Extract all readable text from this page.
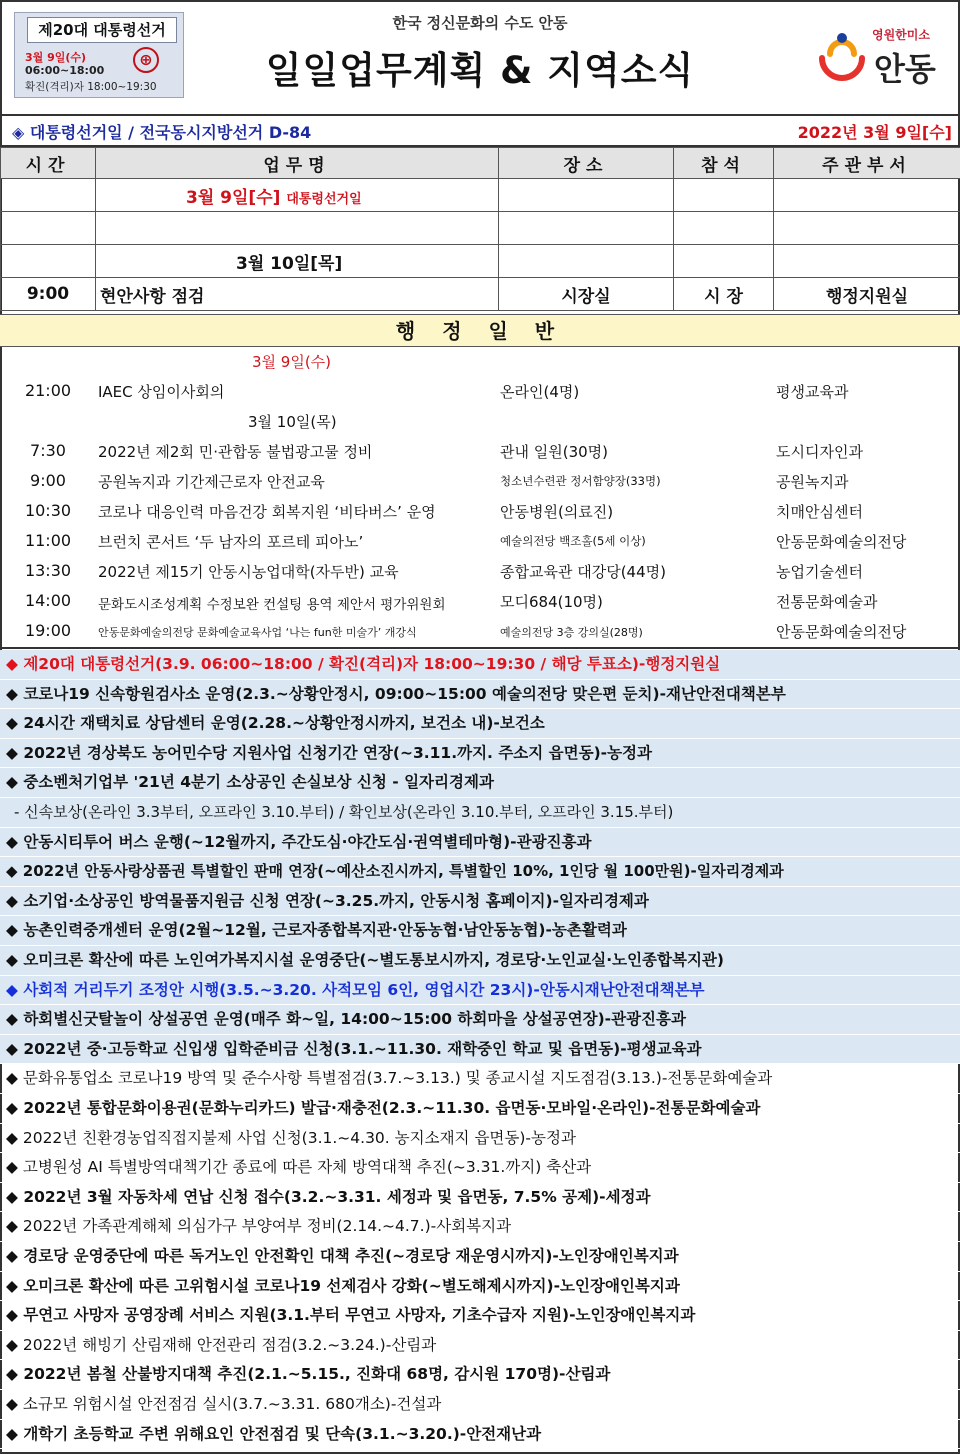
제20대 대통령선거
3월 9일(수)
06:00~18:00
확진(격리)자 18:00~19:30
⊕
한국 정신문화의 수도 안동
일일업무계획 & 지역소식
영원한미소
안동
◈ 대통령선거일 / 전국동시지방선거 D-84	2022년 3월 9일[수]
시간	업무명	장소	참석	주관부서
	3월 9일[수] 대통령선거일			

	3월 10일[목]			
9:00	현안사항 점검	시장실	시 장	행정지원실
행 정 일 반
3월 9일(수)
21:00	IAEC 상임이사회의	온라인(4명)	평생교육과
3월 10일(목)
7:30	2022년 제2회 민·관합동 불법광고물 정비	관내 일원(30명)	도시디자인과
9:00	공원녹지과 기간제근로자 안전교육	청소년수련관 정서함양장(33명)	공원녹지과
10:30	코로나 대응인력 마음건강 회복지원 ‘비타버스’ 운영	안동병원(의료진)	치매안심센터
11:00	브런치 콘서트 ‘두 남자의 포르테 피아노’	예술의전당 백조홀(5세 이상)	안동문화예술의전당
13:30	2022년 제15기 안동시농업대학(자두반) 교육	종합교육관 대강당(44명)	농업기술센터
14:00	문화도시조성계획 수정보완 컨설팅 용역 제안서 평가위원회	모디684(10명)	전통문화예술과
19:00	안동문화예술의전당 문화예술교육사업 ‘나는 fun한 미술가’ 개강식	예술의전당 3층 강의실(28명)	안동문화예술의전당
◆ 제20대 대통령선거(3.9. 06:00~18:00 / 확진(격리)자 18:00~19:30 / 해당 투표소)-행정지원실
◆ 코로나19 신속항원검사소 운영(2.3.~상황안정시, 09:00~15:00 예술의전당 맞은편 둔치)-재난안전대책본부
◆ 24시간 재택치료 상담센터 운영(2.28.~상황안정시까지, 보건소 내)-보건소
◆ 2022년 경상북도 농어민수당 지원사업 신청기간 연장(~3.11.까지. 주소지 읍면동)-농정과
◆ 중소벤처기업부 '21년 4분기 소상공인 손실보상 신청 - 일자리경제과
- 신속보상(온라인 3.3부터, 오프라인 3.10.부터) / 확인보상(온라인 3.10.부터, 오프라인 3.15.부터)
◆ 안동시티투어 버스 운행(~12월까지, 주간도심·야간도심·권역별테마형)-관광진흥과
◆ 2022년 안동사랑상품권 특별할인 판매 연장(~예산소진시까지, 특별할인 10%, 1인당 월 100만원)-일자리경제과
◆ 소기업·소상공인 방역물품지원금 신청 연장(~3.25.까지, 안동시청 홈페이지)-일자리경제과
◆ 농촌인력중개센터 운영(2월~12월, 근로자종합복지관·안동농협·남안동농협)-농촌활력과
◆ 오미크론 확산에 따른 노인여가복지시설 운영중단(~별도통보시까지, 경로당·노인교실·노인종합복지관)
◆ 사회적 거리두기 조정안 시행(3.5.~3.20. 사적모임 6인, 영업시간 23시)-안동시재난안전대책본부
◆ 하회별신굿탈놀이 상설공연 운영(매주 화~일, 14:00~15:00 하회마을 상설공연장)-관광진흥과
◆ 2022년 중·고등학교 신입생 입학준비금 신청(3.1.~11.30. 재학중인 학교 및 읍면동)-평생교육과
◆ 문화유통업소 코로나19 방역 및 준수사항 특별점검(3.7.~3.13.) 및 종교시설 지도점검(3.13.)-전통문화예술과
◆ 2022년 통합문화이용권(문화누리카드) 발급·재충전(2.3.~11.30. 읍면동·모바일·온라인)-전통문화예술과
◆ 2022년 친환경농업직접지불제 사업 신청(3.1.~4.30. 농지소재지 읍면동)-농정과
◆ 고병원성 AI 특별방역대책기간 종료에 따른 자체 방역대책 추진(~3.31.까지) 축산과
◆ 2022년 3월 자동차세 연납 신청 접수(3.2.~3.31. 세정과 및 읍면동, 7.5% 공제)-세정과
◆ 2022년 가족관계해체 의심가구 부양여부 정비(2.14.~4.7.)-사회복지과
◆ 경로당 운영중단에 따른 독거노인 안전확인 대책 추진(~경로당 재운영시까지)-노인장애인복지과
◆ 오미크론 확산에 따른 고위험시설 코로나19 선제검사 강화(~별도해제시까지)-노인장애인복지과
◆ 무연고 사망자 공영장례 서비스 지원(3.1.부터 무연고 사망자, 기초수급자 지원)-노인장애인복지과
◆ 2022년 해빙기 산림재해 안전관리 점검(3.2.~3.24.)-산림과
◆ 2022년 봄철 산불방지대책 추진(2.1.~5.15., 진화대 68명, 감시원 170명)-산림과
◆ 소규모 위험시설 안전점검 실시(3.7.~3.31. 680개소)-건설과
◆ 개학기 초등학교 주변 위해요인 안전점검 및 단속(3.1.~3.20.)-안전재난과
